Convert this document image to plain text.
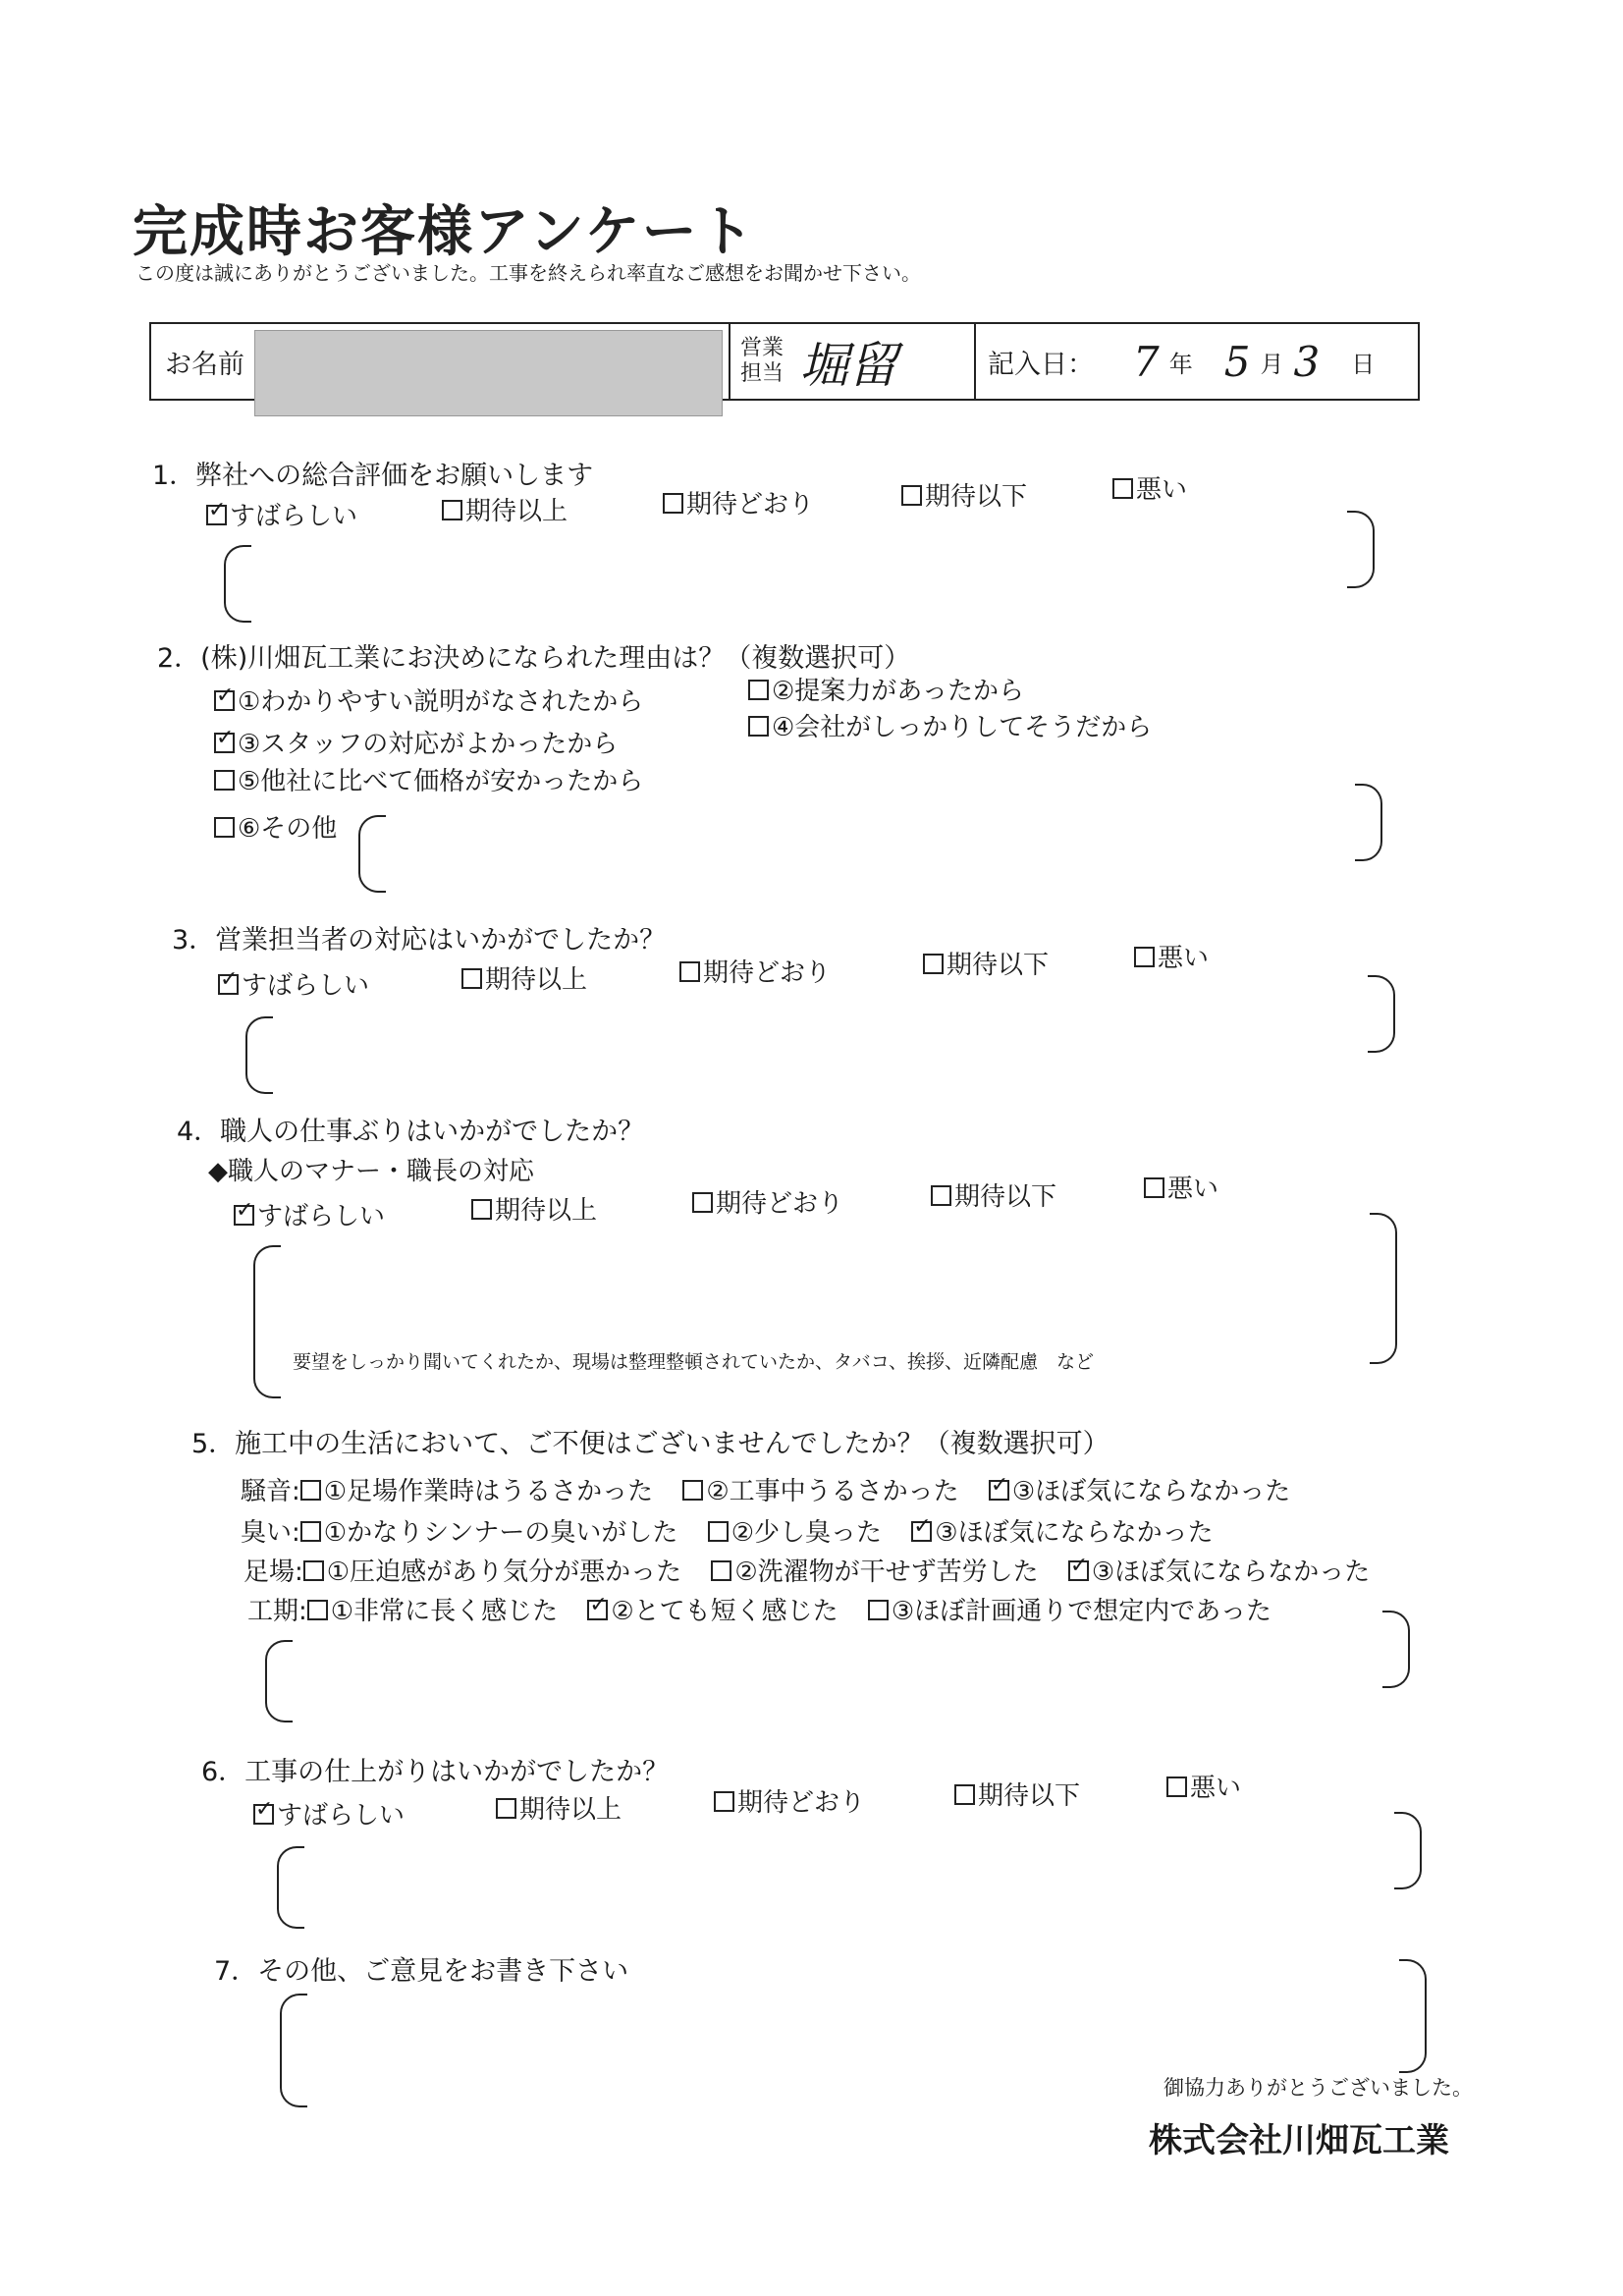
完成時お客様アンケート
この度は誠にありがとうございました。工事を終えられ率直なご感想をお聞かせ下さい。
お名前
営業
担当 堀留	記入日： 7 年 5 月 3 日
1．弊社への総合評価をお願いします
✓すばらしい	期待以上	期待どおり	期待以下	悪い
2．(株)川畑瓦工業にお決めになられた理由は？（複数選択可）
✓①わかりやすい説明がなされたから	②提案力があったから
✓③スタッフの対応がよかったから
④会社がしっかりしてそうだから
⑤他社に比べて価格が安かったから
⑥その他
3．営業担当者の対応はいかがでしたか？
✓すばらしい	期待以上	期待どおり	期待以下	悪い
4．職人の仕事ぶりはいかがでしたか？
◆職人のマナー・職長の対応
✓すばらしい	期待以上	期待どおり	期待以下	悪い
要望をしっかり聞いてくれたか、現場は整理整頓されていたか、タバコ、挨拶、近隣配慮　など
5．施工中の生活において、ご不便はございませんでしたか？（複数選択可）
騒音: ①足場作業時はうるさかった ②工事中うるさかった ✓ ③ほぼ気にならなかった
臭い: ①かなりシンナーの臭いがした ②少し臭った ✓ ③ほぼ気にならなかった
足場: ①圧迫感があり気分が悪かった ②洗濯物が干せず苦労した ✓ ③ほぼ気にならなかった
工期: ①非常に長く感じた ✓ ②とても短く感じた ③ほぼ計画通りで想定内であった
6．工事の仕上がりはいかがでしたか？
✓すばらしい	期待以上	期待どおり	期待以下	悪い
7．その他、ご意見をお書き下さい
御協力ありがとうございました。
株式会社川畑瓦工業
